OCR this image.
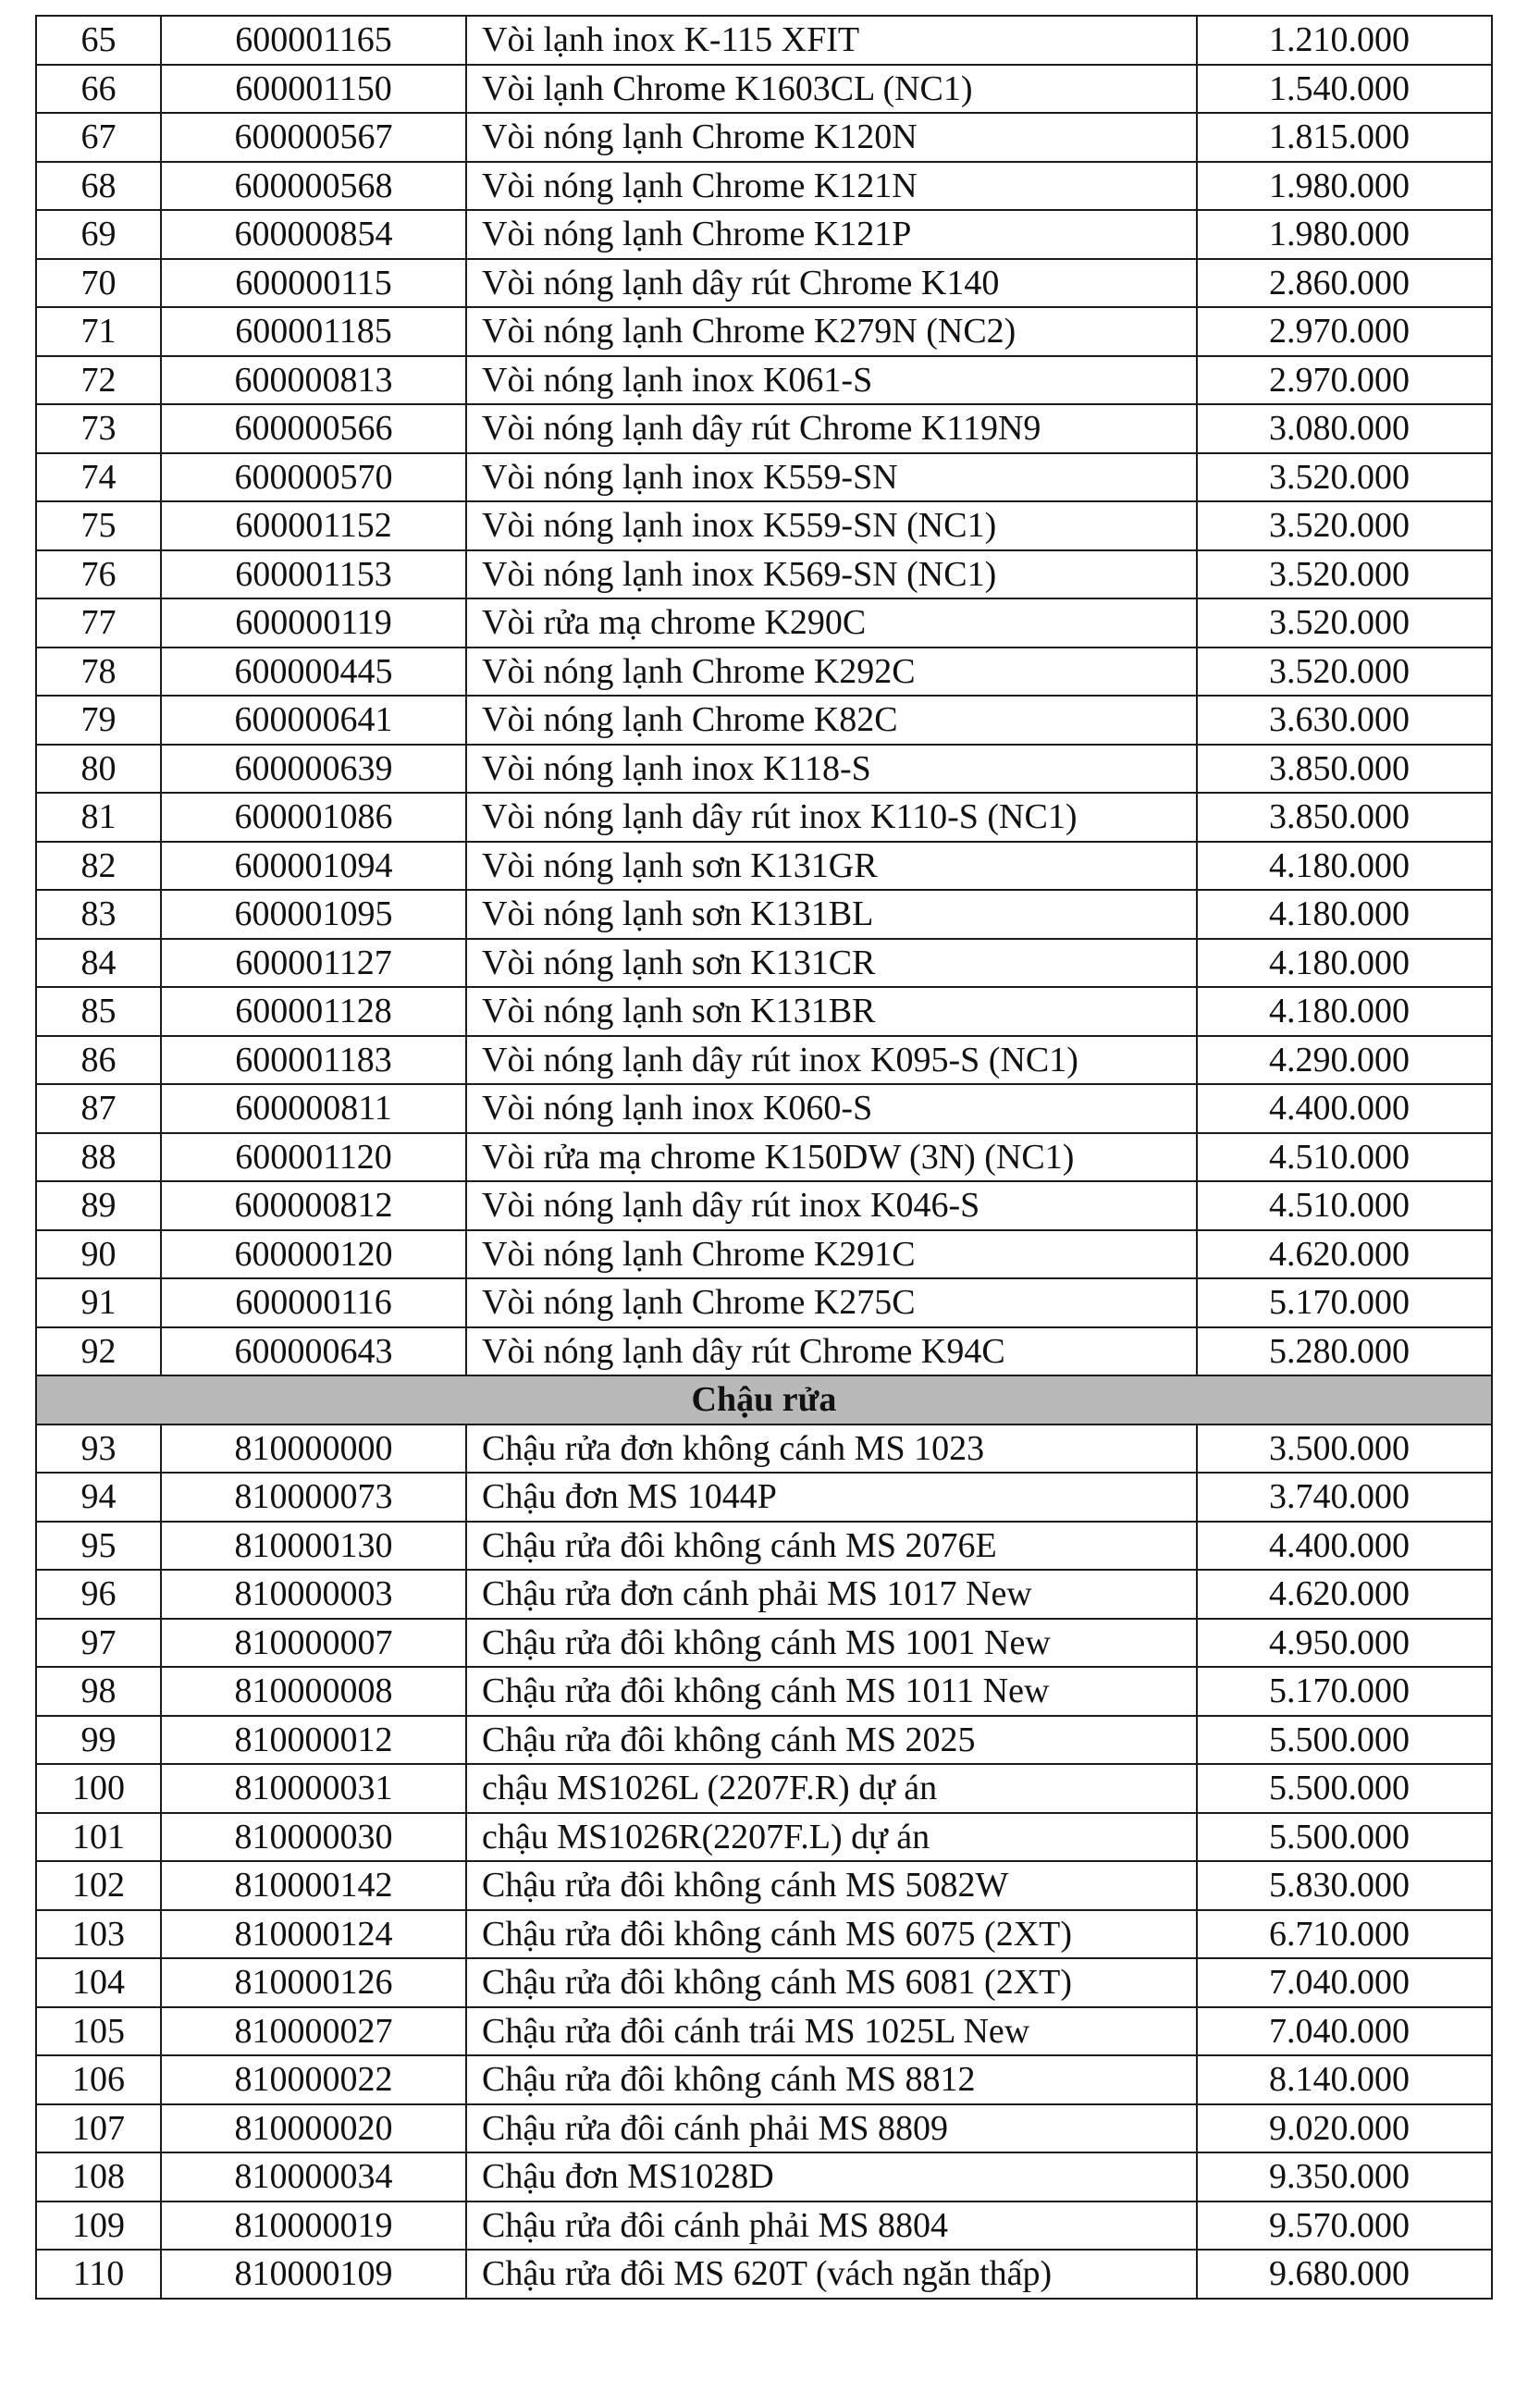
65	600001165	Vòi lạnh inox K-115 XFIT	1.210.000
66	600001150	Vòi lạnh Chrome K1603CL (NC1)	1.540.000
67	600000567	Vòi nóng lạnh Chrome K120N	1.815.000
68	600000568	Vòi nóng lạnh Chrome K121N	1.980.000
69	600000854	Vòi nóng lạnh Chrome K121P	1.980.000
70	600000115	Vòi nóng lạnh dây rút Chrome K140	2.860.000
71	600001185	Vòi nóng lạnh Chrome K279N (NC2)	2.970.000
72	600000813	Vòi nóng lạnh inox K061-S	2.970.000
73	600000566	Vòi nóng lạnh dây rút Chrome K119N9	3.080.000
74	600000570	Vòi nóng lạnh inox K559-SN	3.520.000
75	600001152	Vòi nóng lạnh inox K559-SN (NC1)	3.520.000
76	600001153	Vòi nóng lạnh inox K569-SN (NC1)	3.520.000
77	600000119	Vòi rửa mạ chrome K290C	3.520.000
78	600000445	Vòi nóng lạnh Chrome K292C	3.520.000
79	600000641	Vòi nóng lạnh Chrome K82C	3.630.000
80	600000639	Vòi nóng lạnh inox K118-S	3.850.000
81	600001086	Vòi nóng lạnh dây rút inox K110-S (NC1)	3.850.000
82	600001094	Vòi nóng lạnh sơn K131GR	4.180.000
83	600001095	Vòi nóng lạnh sơn K131BL	4.180.000
84	600001127	Vòi nóng lạnh sơn K131CR	4.180.000
85	600001128	Vòi nóng lạnh sơn K131BR	4.180.000
86	600001183	Vòi nóng lạnh dây rút inox K095-S (NC1)	4.290.000
87	600000811	Vòi nóng lạnh inox K060-S	4.400.000
88	600001120	Vòi rửa mạ chrome K150DW (3N) (NC1)	4.510.000
89	600000812	Vòi nóng lạnh dây rút inox K046-S	4.510.000
90	600000120	Vòi nóng lạnh Chrome K291C	4.620.000
91	600000116	Vòi nóng lạnh Chrome K275C	5.170.000
92	600000643	Vòi nóng lạnh dây rút Chrome K94C	5.280.000
Chậu rửa			
93	810000000	Chậu rửa đơn không cánh MS 1023	3.500.000
94	810000073	Chậu đơn MS 1044P	3.740.000
95	810000130	Chậu rửa đôi không cánh MS 2076E	4.400.000
96	810000003	Chậu rửa đơn cánh phải MS 1017 New	4.620.000
97	810000007	Chậu rửa đôi không cánh MS 1001 New	4.950.000
98	810000008	Chậu rửa đôi không cánh MS 1011 New	5.170.000
99	810000012	Chậu rửa đôi không cánh MS 2025	5.500.000
100	810000031	chậu MS1026L (2207F.R) dự án	5.500.000
101	810000030	chậu MS1026R(2207F.L) dự án	5.500.000
102	810000142	Chậu rửa đôi không cánh MS 5082W	5.830.000
103	810000124	Chậu rửa đôi không cánh MS 6075 (2XT)	6.710.000
104	810000126	Chậu rửa đôi không cánh MS 6081 (2XT)	7.040.000
105	810000027	Chậu rửa đôi cánh trái MS 1025L New	7.040.000
106	810000022	Chậu rửa đôi không cánh MS 8812	8.140.000
107	810000020	Chậu rửa đôi cánh phải MS 8809	9.020.000
108	810000034	Chậu đơn MS1028D	9.350.000
109	810000019	Chậu rửa đôi cánh phải MS 8804	9.570.000
110	810000109	Chậu rửa đôi MS 620T (vách ngăn thấp)	9.680.000
